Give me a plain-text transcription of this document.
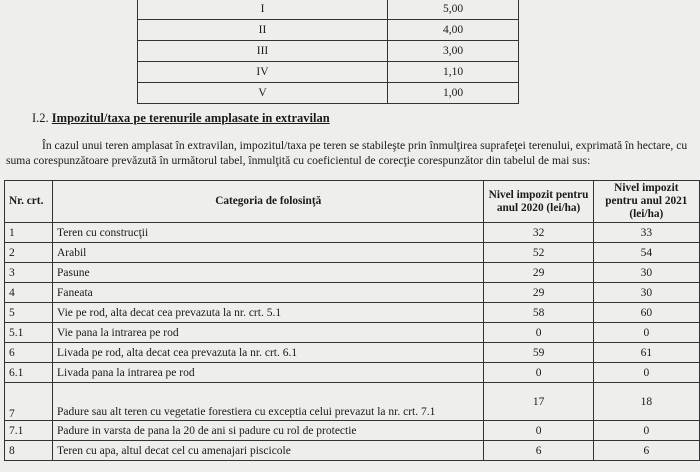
I	5,00
II	4,00
III	3,00
IV	1,10
V	1,00

I.2. Impozitul/taxa pe terenurile amplasate in extravilan

În cazul unui teren amplasat în extravilan, impozitul/taxa pe teren se stabileşte prin înmulţirea suprafeţei terenului, exprimată în hectare, cu suma corespunzătoare prevăzută în următorul tabel, înmulţită cu coeficientul de corecţie corespunzător din tabelul de mai sus:

Nr. crt.	Categoria de folosinţă	Nivel impozit pentru anul 2020 (lei/ha)	Nivel impozit pentru anul 2021 (lei/ha)
1	Teren cu construcţii	32	33
2	Arabil	52	54
3	Pasune	29	30
4	Faneata	29	30
5	Vie pe rod, alta decat cea prevazuta la nr. crt. 5.1	58	60
5.1	Vie pana la intrarea pe rod	0	0
6	Livada pe rod, alta decat cea prevazuta la nr. crt. 6.1	59	61
6.1	Livada pana la intrarea pe rod	0	0
7	Padure sau alt teren cu vegetatie forestiera cu exceptia celui prevazut la nr. crt. 7.1	17	18
7.1	Padure in varsta de pana la 20 de ani si padure cu rol de protectie	0	0
8	Teren cu apa, altul decat cel cu amenajari piscicole	6	6
